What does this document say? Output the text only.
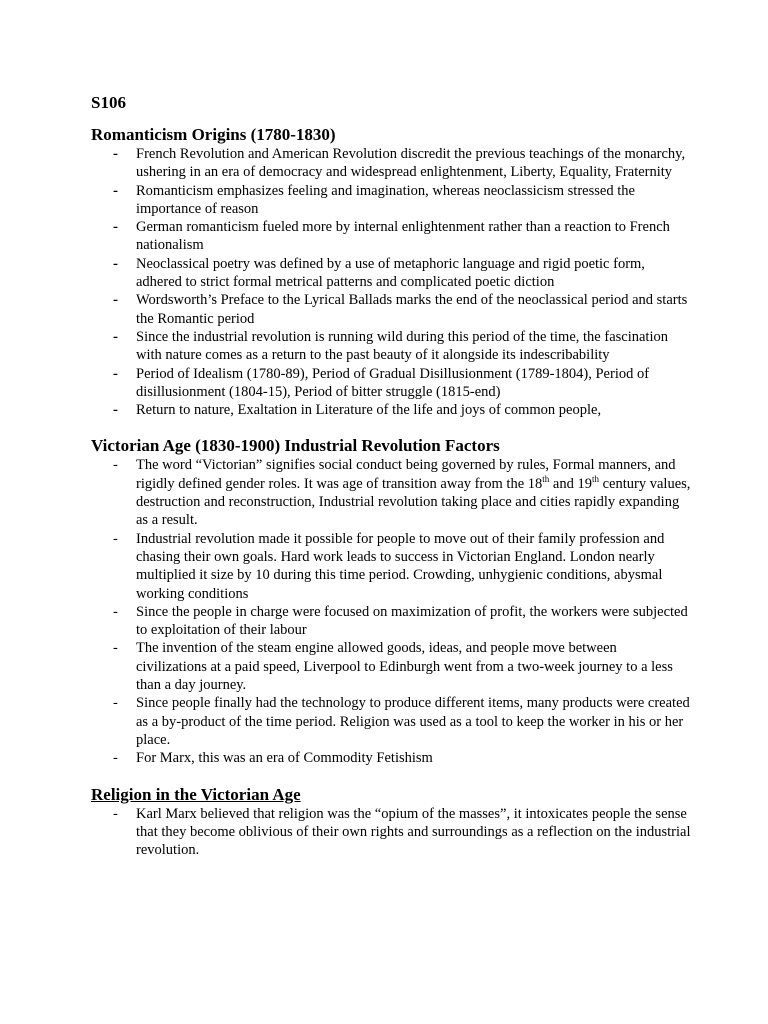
S106
Romanticism Origins (1780-1830)
-	French Revolution and American Revolution discredit the previous teachings of the monarchy, ushering in an era of democracy and widespread enlightenment, Liberty, Equality, Fraternity
-	Romanticism emphasizes feeling and imagination, whereas neoclassicism stressed the importance of reason
-	German romanticism fueled more by internal enlightenment rather than a reaction to French nationalism
-	Neoclassical poetry was defined by a use of metaphoric language and rigid poetic form, adhered to strict formal metrical patterns and complicated poetic diction
-	Wordsworth’s Preface to the Lyrical Ballads marks the end of the neoclassical period and starts the Romantic period
-	Since the industrial revolution is running wild during this period of the time, the fascination with nature comes as a return to the past beauty of it alongside its indescribability
-	Period of Idealism (1780-89), Period of Gradual Disillusionment (1789-1804), Period of disillusionment (1804-15), Period of bitter struggle (1815-end)
-	Return to nature, Exaltation in Literature of the life and joys of common people,
Victorian Age (1830-1900) Industrial Revolution Factors
-	The word “Victorian” signifies social conduct being governed by rules, Formal manners, and rigidly defined gender roles. It was age of transition away from the 18th and 19th century values, destruction and reconstruction, Industrial revolution taking place and cities rapidly expanding as a result.
-	Industrial revolution made it possible for people to move out of their family profession and chasing their own goals. Hard work leads to success in Victorian England. London nearly multiplied it size by 10 during this time period. Crowding, unhygienic conditions, abysmal working conditions
-	Since the people in charge were focused on maximization of profit, the workers were subjected to exploitation of their labour
-	The invention of the steam engine allowed goods, ideas, and people move between civilizations at a paid speed, Liverpool to Edinburgh went from a two-week journey to a less than a day journey.
-	Since people finally had the technology to produce different items, many products were created as a by-product of the time period. Religion was used as a tool to keep the worker in his or her place.
-	For Marx, this was an era of Commodity Fetishism
Religion in the Victorian Age
-	Karl Marx believed that religion was the “opium of the masses”, it intoxicates people the sense that they become oblivious of their own rights and surroundings as a reflection on the industrial revolution.
